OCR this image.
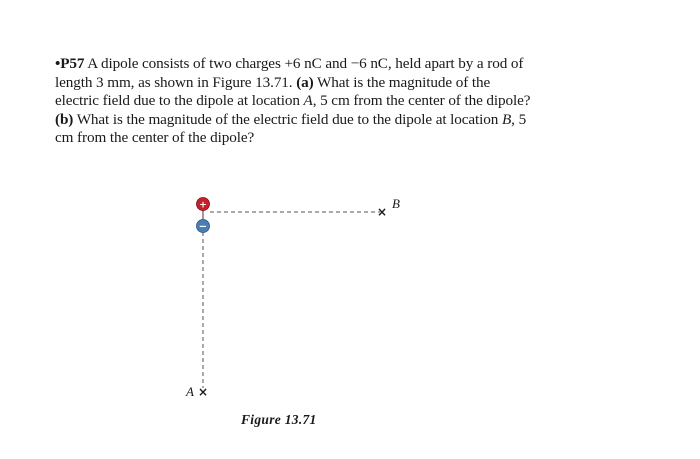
•P57 A dipole consists of two charges +6 nC and −6 nC, held apart by a rod of length 3 mm, as shown in Figure 13.71. (a) What is the magnitude of the electric field due to the dipole at location A, 5 cm from the center of the dipole? (b) What is the magnitude of the electric field due to the dipole at location B, 5 cm from the center of the dipole?

+
−
×
B
×
A
Figure 13.71
